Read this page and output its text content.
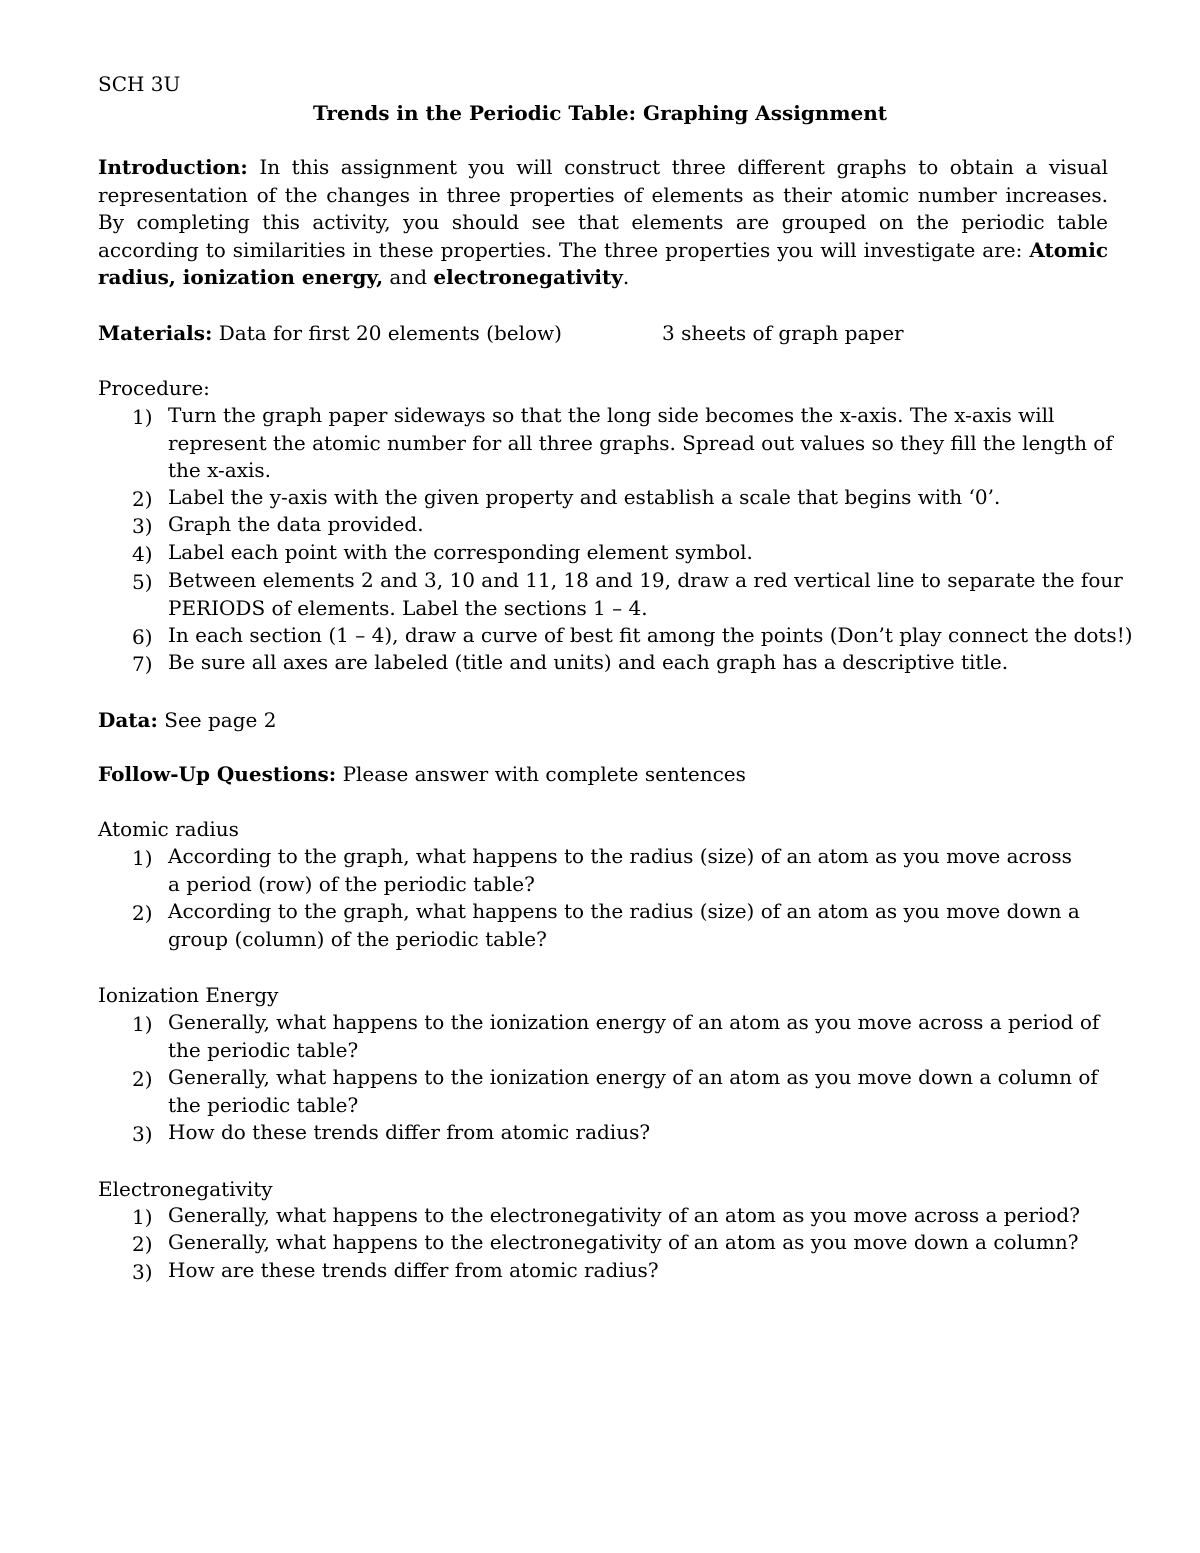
SCH 3U
Trends in the Periodic Table: Graphing Assignment
Introduction: In this assignment you will construct three different graphs to obtain a visual representation of the changes in three properties of elements as their atomic number increases. By completing this activity, you should see that elements are grouped on the periodic table according to similarities in these properties. The three properties you will investigate are: Atomic radius, ionization energy, and electronegativity.
Materials: Data for first 20 elements (below)	3 sheets of graph paper
Procedure:
1) Turn the graph paper sideways so that the long side becomes the x-axis. The x-axis will represent the atomic number for all three graphs. Spread out values so they fill the length of the x-axis.
2) Label the y-axis with the given property and establish a scale that begins with ‘0’.
3) Graph the data provided.
4) Label each point with the corresponding element symbol.
5) Between elements 2 and 3, 10 and 11, 18 and 19, draw a red vertical line to separate the four PERIODS of elements. Label the sections 1 – 4.
6) In each section (1 – 4), draw a curve of best fit among the points (Don’t play connect the dots!)
7) Be sure all axes are labeled (title and units) and each graph has a descriptive title.
Data: See page 2
Follow-Up Questions: Please answer with complete sentences
Atomic radius
1) According to the graph, what happens to the radius (size) of an atom as you move across a period (row) of the periodic table?
2) According to the graph, what happens to the radius (size) of an atom as you move down a group (column) of the periodic table?
Ionization Energy
1) Generally, what happens to the ionization energy of an atom as you move across a period of the periodic table?
2) Generally, what happens to the ionization energy of an atom as you move down a column of the periodic table?
3) How do these trends differ from atomic radius?
Electronegativity
1) Generally, what happens to the electronegativity of an atom as you move across a period?
2) Generally, what happens to the electronegativity of an atom as you move down a column?
3) How are these trends differ from atomic radius?
